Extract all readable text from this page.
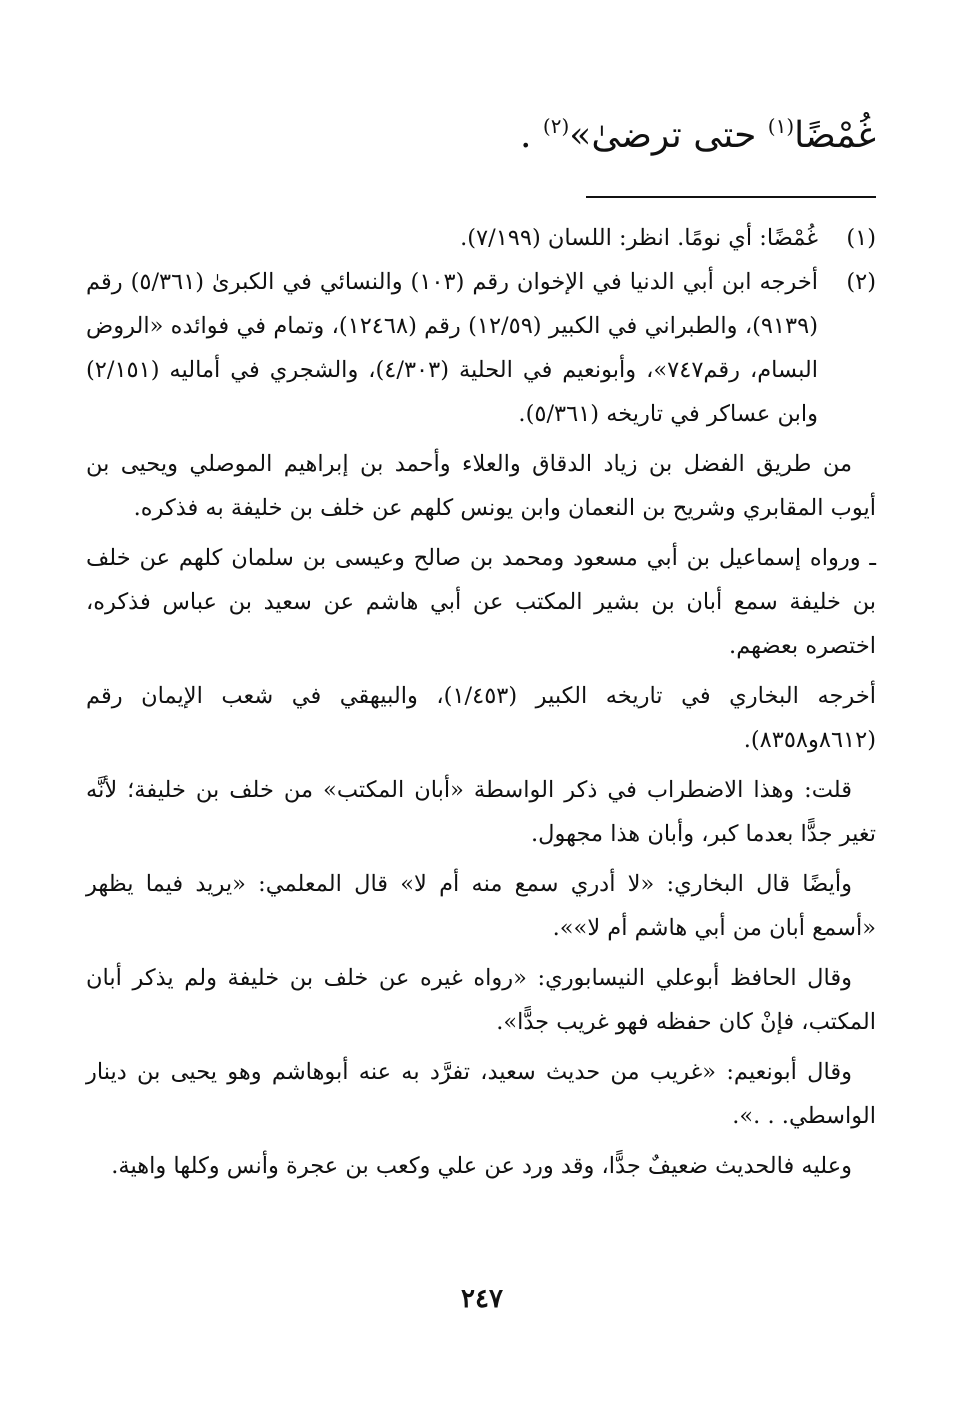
غُمْضًا$^{(١)}$ حتى ترضىٰ»$^{(٢)}$ .
(١)
غُمْضًا: أي نومًا. انظر: اللسان (٧/١٩٩).
(٢)
أخرجه ابن أبي الدنيا في الإخوان رقم (١٠٣) والنسائي في الكبرىٰ (٥/٣٦١) رقم (٩١٣٩)، والطبراني في الكبير (١٢/٥٩) رقم (١٢٤٦٨)، وتمام في فوائده «الروض البسام، رقم٧٤٧»، وأبونعيم في الحلية (٤/٣٠٣)، والشجري في أماليه (٢/١٥١) وابن عساكر في تاريخه (٥/٣٦١).
من طريق الفضل بن زياد الدقاق والعلاء وأحمد بن إبراهيم الموصلي ويحيى بن أيوب المقابري وشريح بن النعمان وابن يونس كلهم عن خلف بن خليفة به فذكره.
ـ ورواه إسماعيل بن أبي مسعود ومحمد بن صالح وعيسى بن سلمان كلهم عن خلف بن خليفة سمع أبان بن بشير المكتب عن أبي هاشم عن سعيد بن عباس فذكره، اختصره بعضهم.
أخرجه البخاري في تاريخه الكبير (١/٤٥٣)، والبيهقي في شعب الإيمان رقم (٨٦١٢و٨٣٥٨).
قلت: وهذا الاضطراب في ذكر الواسطة «أبان المكتب» من خلف بن خليفة؛ لأنَّه تغير جدًّا بعدما كبر، وأبان هذا مجهول.
وأيضًا قال البخاري: «لا أدري سمع منه أم لا» قال المعلمي: «يريد فيما يظهر «أسمع أبان من أبي هاشم أم لا»».
وقال الحافظ أبوعلي النيسابوري: «رواه غيره عن خلف بن خليفة ولم يذكر أبان المكتب، فإنْ كان حفظه فهو غريب جدًّا».
وقال أبونعيم: «غريب من حديث سعيد، تفرَّد به عنه أبوهاشم وهو يحيى بن دينار الواسطي. . .».
وعليه فالحديث ضعيفٌ جدًّا، وقد ورد عن علي وكعب بن عجرة وأنس وكلها واهية.
٢٤٧
